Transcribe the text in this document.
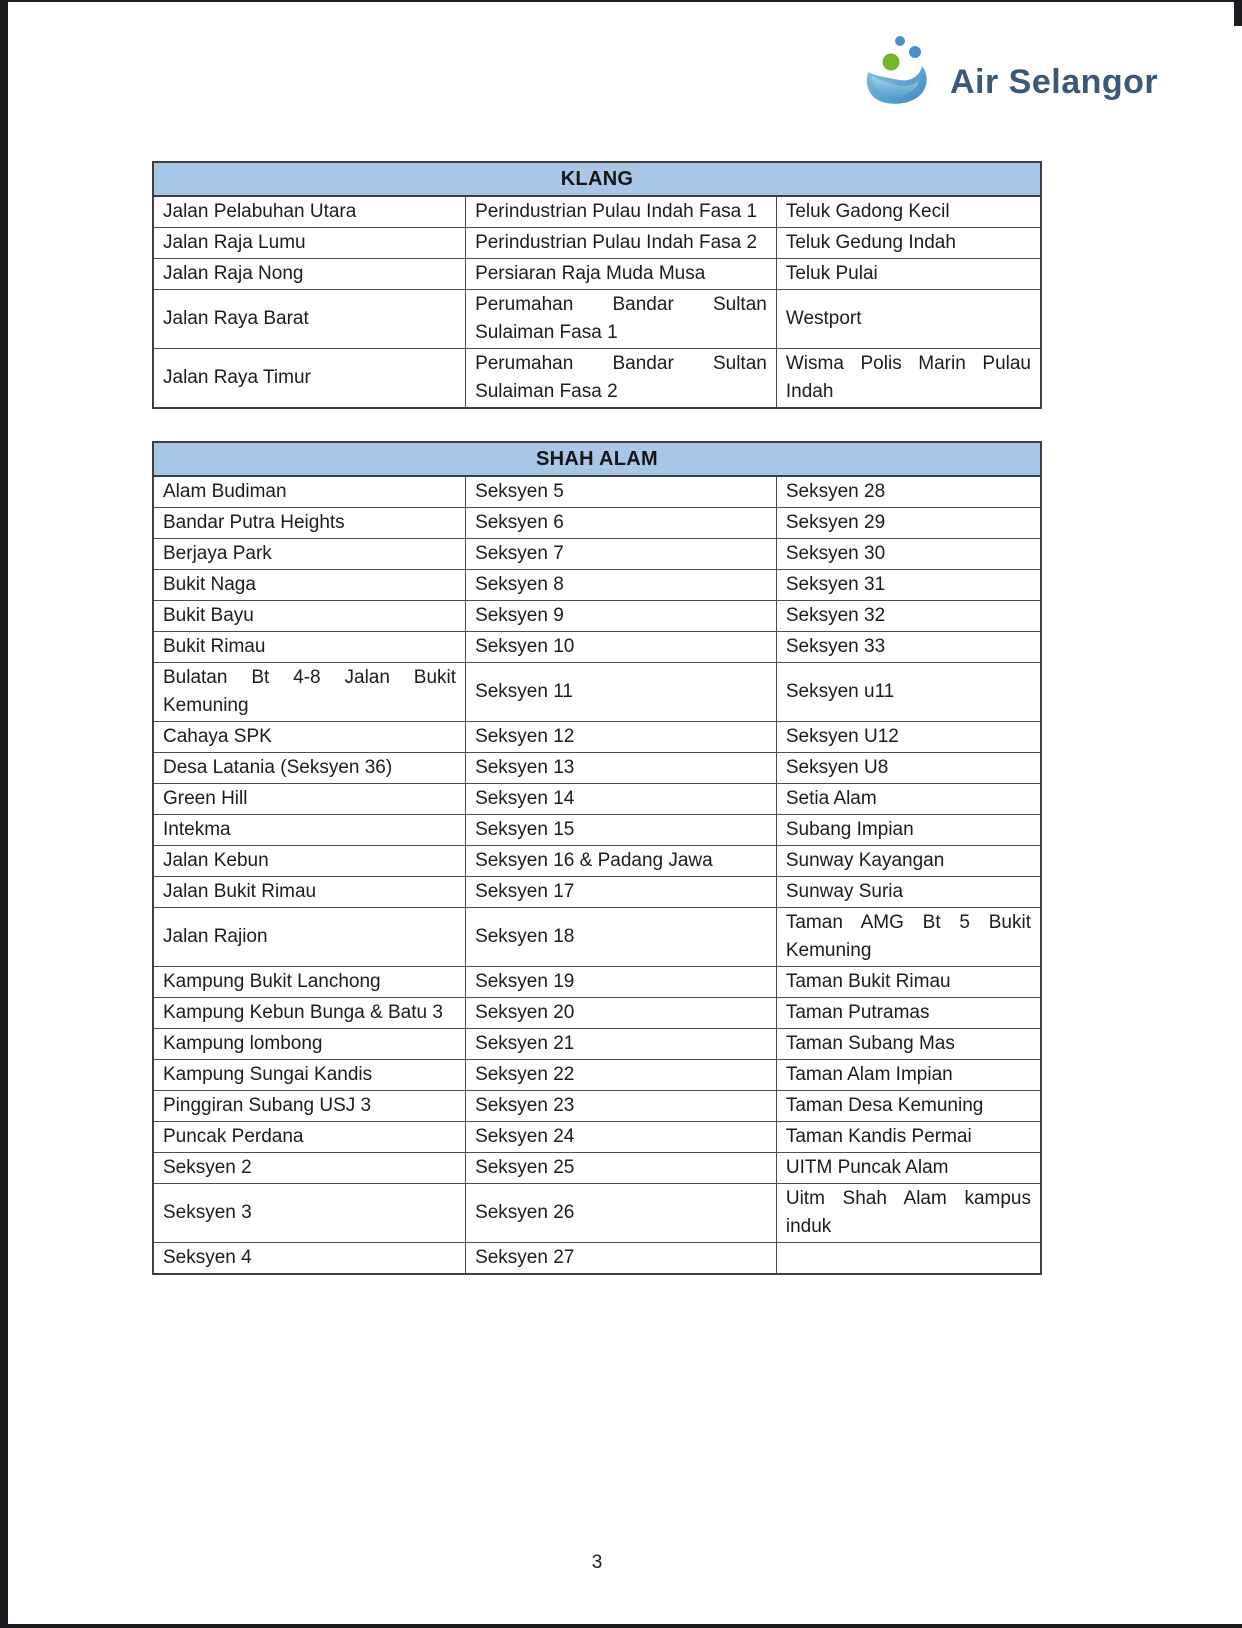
Air Selangor
KLANG		
Jalan Pelabuhan Utara	Perindustrian Pulau Indah Fasa 1	Teluk Gadong Kecil
Jalan Raja Lumu	Perindustrian Pulau Indah Fasa 2	Teluk Gedung Indah
Jalan Raja Nong	Persiaran Raja Muda Musa	Teluk Pulai
Jalan Raya Barat	Perumahan Bandar Sultan Sulaiman Fasa 1	Westport
Jalan Raya Timur	Perumahan Bandar Sultan Sulaiman Fasa 2	Wisma Polis Marin Pulau Indah
SHAH ALAM		
Alam Budiman	Seksyen 5	Seksyen 28
Bandar Putra Heights	Seksyen 6	Seksyen 29
Berjaya Park	Seksyen 7	Seksyen 30
Bukit Naga	Seksyen 8	Seksyen 31
Bukit Bayu	Seksyen 9	Seksyen 32
Bukit Rimau	Seksyen 10	Seksyen 33
Bulatan Bt 4-8 Jalan Bukit Kemuning	Seksyen 11	Seksyen u11
Cahaya SPK	Seksyen 12	Seksyen U12
Desa Latania (Seksyen 36)	Seksyen 13	Seksyen U8
Green Hill	Seksyen 14	Setia Alam
Intekma	Seksyen 15	Subang Impian
Jalan Kebun	Seksyen 16 & Padang Jawa	Sunway Kayangan
Jalan Bukit Rimau	Seksyen 17	Sunway Suria
Jalan Rajion	Seksyen 18	Taman AMG Bt 5 Bukit Kemuning
Kampung Bukit Lanchong	Seksyen 19	Taman Bukit Rimau
Kampung Kebun Bunga & Batu 3	Seksyen 20	Taman Putramas
Kampung lombong	Seksyen 21	Taman Subang Mas
Kampung Sungai Kandis	Seksyen 22	Taman Alam Impian
Pinggiran Subang USJ 3	Seksyen 23	Taman Desa Kemuning
Puncak Perdana	Seksyen 24	Taman Kandis Permai
Seksyen 2	Seksyen 25	UITM Puncak Alam
Seksyen 3	Seksyen 26	Uitm Shah Alam kampus induk
Seksyen 4	Seksyen 27	
3
